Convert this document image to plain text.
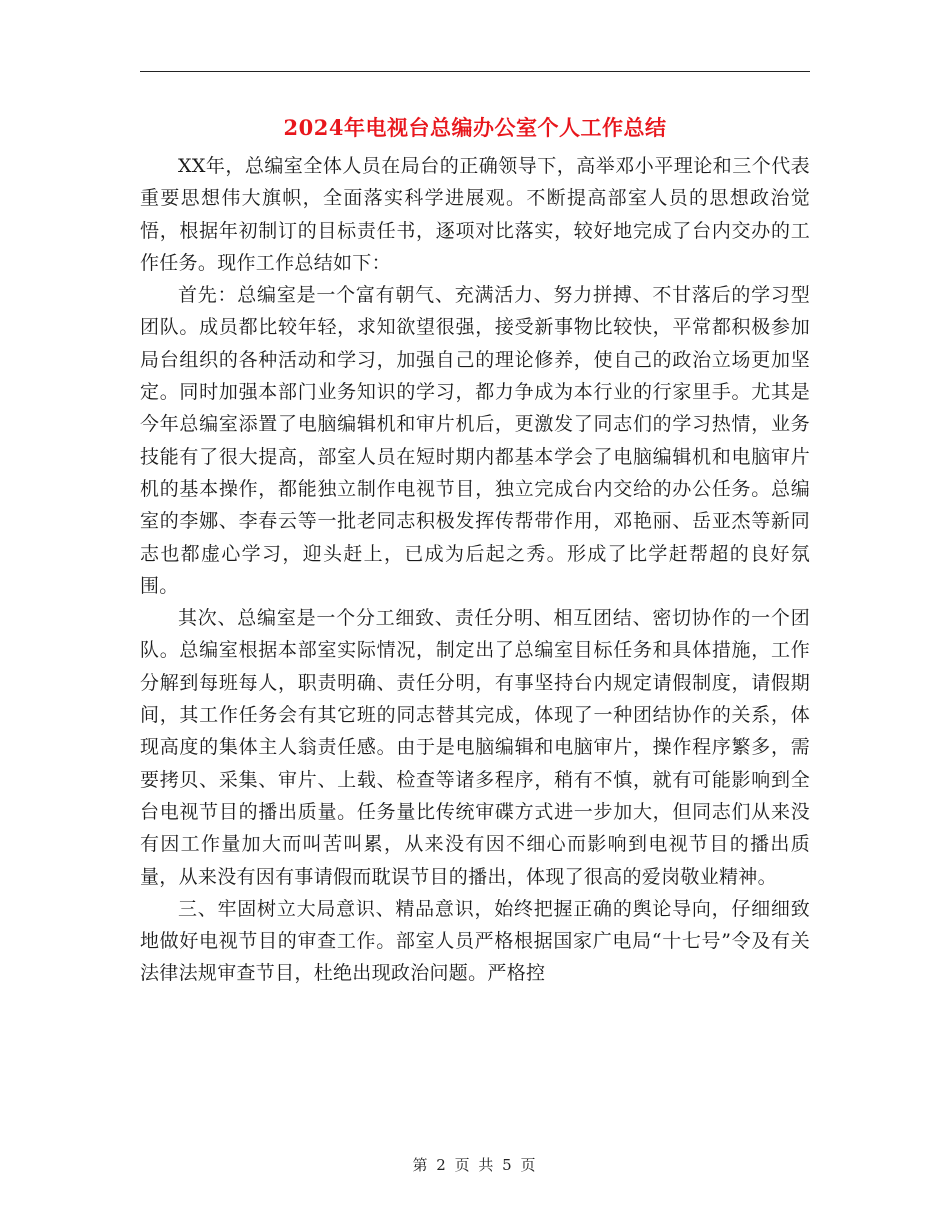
2024年电视台总编办公室个人工作总结

XX年，总编室全体人员在局台的正确领导下，高举邓小平理论和三个代表重要思想伟大旗帜，全面落实科学进展观。不断提高部室人员的思想政治觉悟，根据年初制订的目标责任书，逐项对比落实，较好地完成了台内交办的工作任务。现作工作总结如下：

首先：总编室是一个富有朝气、充满活力、努力拼搏、不甘落后的学习型团队。成员都比较年轻，求知欲望很强，接受新事物比较快，平常都积极参加局台组织的各种活动和学习，加强自己的理论修养，使自己的政治立场更加坚定。同时加强本部门业务知识的学习，都力争成为本行业的行家里手。尤其是今年总编室添置了电脑编辑机和审片机后，更激发了同志们的学习热情，业务技能有了很大提高，部室人员在短时期内都基本学会了电脑编辑机和电脑审片机的基本操作，都能独立制作电视节目，独立完成台内交给的办公任务。总编室的李娜、李春云等一批老同志积极发挥传帮带作用，邓艳丽、岳亚杰等新同志也都虚心学习，迎头赶上，已成为后起之秀。形成了比学赶帮超的良好氛围。

其次、总编室是一个分工细致、责任分明、相互团结、密切协作的一个团队。总编室根据本部室实际情况，制定出了总编室目标任务和具体措施，工作分解到每班每人，职责明确、责任分明，有事坚持台内规定请假制度，请假期间，其工作任务会有其它班的同志替其完成，体现了一种团结协作的关系，体现高度的集体主人翁责任感。由于是电脑编辑和电脑审片，操作程序繁多，需要拷贝、采集、审片、上载、检查等诸多程序，稍有不慎，就有可能影响到全台电视节目的播出质量。任务量比传统审碟方式进一步加大，但同志们从来没有因工作量加大而叫苦叫累，从来没有因不细心而影响到电视节目的播出质量，从来没有因有事请假而耽误节目的播出，体现了很高的爱岗敬业精神。

三、牢固树立大局意识、精品意识，始终把握正确的舆论导向，仔细细致地做好电视节目的审查工作。部室人员严格根据国家广电局“十七号”令及有关法律法规审查节目，杜绝出现政治问题。严格控

第 2 页 共 5 页
